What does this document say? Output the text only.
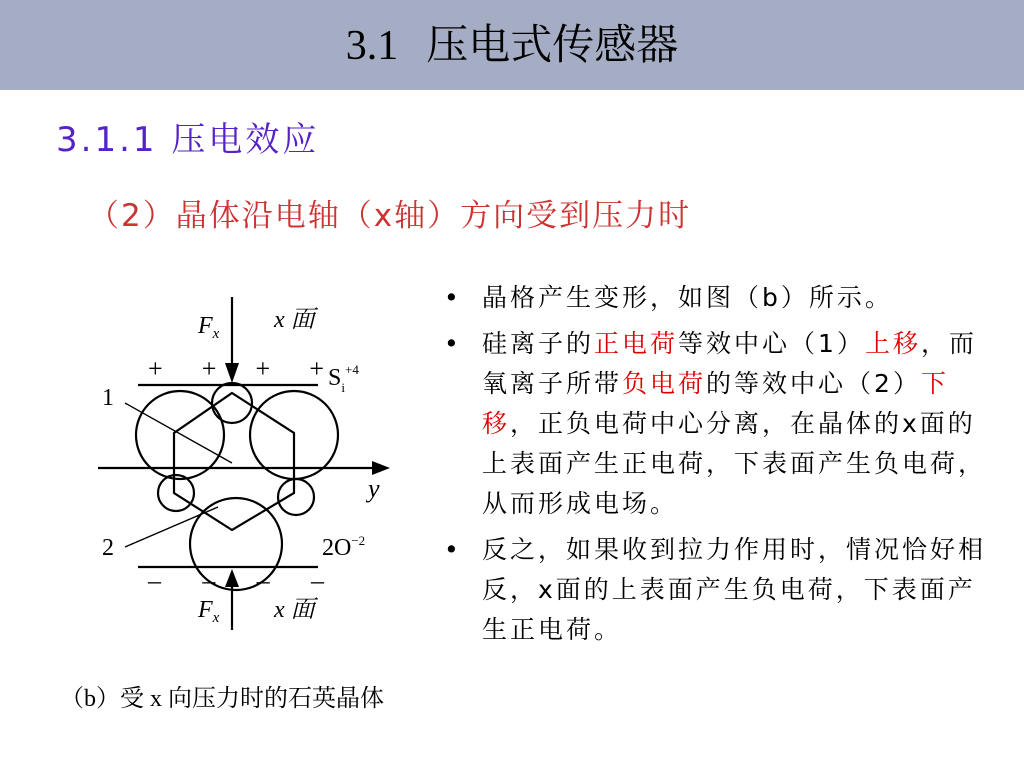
3.1 压电式传感器
3.1.1 压电效应
（2）晶体沿电轴（x轴）方向受到压力时
+ + + +
– – – –
$F_x$
$F_x$
x 面
x 面
$S_i^{+4}$
$2O^{-2}$
y
1
2
（b）受 x 向压力时的石英晶体
• 晶格产生变形，如图（b）所示。
• 硅离子的正电荷等效中心（1）上移，而氧离子所带负电荷的等效中心（2）下移，正负电荷中心分离，在晶体的x面的上表面产生正电荷，下表面产生负电荷，从而形成电场。
• 反之，如果收到拉力作用时，情况恰好相反，x面的上表面产生负电荷，下表面产生正电荷。
